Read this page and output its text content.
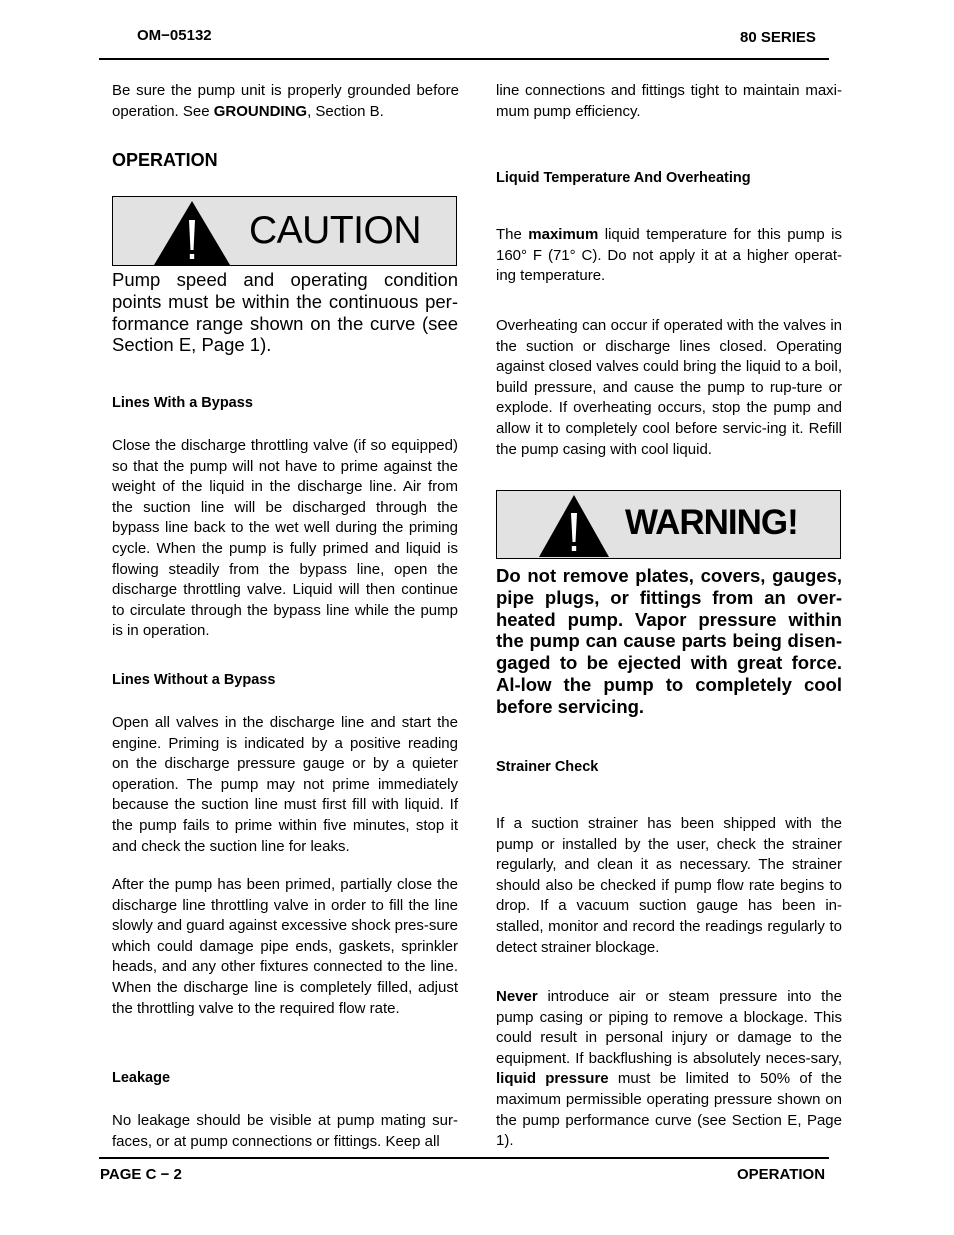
OM−05132	80 SERIES

Be sure the pump unit is properly grounded before operation. See GROUNDING, Section B.

OPERATION
CAUTION

Pump speed and operating condition points must be within the continuous per-formance range shown on the curve (see Section E, Page 1).

Lines With a Bypass

Close the discharge throttling valve (if so equipped) so that the pump will not have to prime against the weight of the liquid in the discharge line. Air from the suction line will be discharged through the bypass line back to the wet well during the priming cycle. When the pump is fully primed and liquid is flowing steadily from the bypass line, open the discharge throttling valve. Liquid will then continue to circulate through the bypass line while the pump is in operation.

Lines Without a Bypass

Open all valves in the discharge line and start the engine. Priming is indicated by a positive reading on the discharge pressure gauge or by a quieter operation. The pump may not prime immediately because the suction line must first fill with liquid. If the pump fails to prime within five minutes, stop it and check the suction line for leaks.

After the pump has been primed, partially close the discharge line throttling valve in order to fill the line slowly and guard against excessive shock pres-sure which could damage pipe ends, gaskets, sprinkler heads, and any other fixtures connected to the line. When the discharge line is completely filled, adjust the throttling valve to the required flow rate.

Leakage

No leakage should be visible at pump mating sur-faces, or at pump connections or fittings. Keep all

line connections and fittings tight to maintain maxi-mum pump efficiency.

Liquid Temperature And Overheating

The maximum liquid temperature for this pump is 160° F (71° C). Do not apply it at a higher operat-ing temperature.

Overheating can occur if operated with the valves in the suction or discharge lines closed. Operating against closed valves could bring the liquid to a boil, build pressure, and cause the pump to rup-ture or explode. If overheating occurs, stop the pump and allow it to completely cool before servic-ing it. Refill the pump casing with cool liquid.

WARNING!

Do not remove plates, covers, gauges, pipe plugs, or fittings from an over-heated pump. Vapor pressure within the pump can cause parts being disen-gaged to be ejected with great force. Al-low the pump to completely cool before servicing.

Strainer Check

If a suction strainer has been shipped with the pump or installed by the user, check the strainer regularly, and clean it as necessary. The strainer should also be checked if pump flow rate begins to drop. If a vacuum suction gauge has been in-stalled, monitor and record the readings regularly to detect strainer blockage.

Never introduce air or steam pressure into the pump casing or piping to remove a blockage. This could result in personal injury or damage to the equipment. If backflushing is absolutely neces-sary, liquid pressure must be limited to 50% of the maximum permissible operating pressure shown on the pump performance curve (see Section E, Page 1).

PAGE C − 2	OPERATION
